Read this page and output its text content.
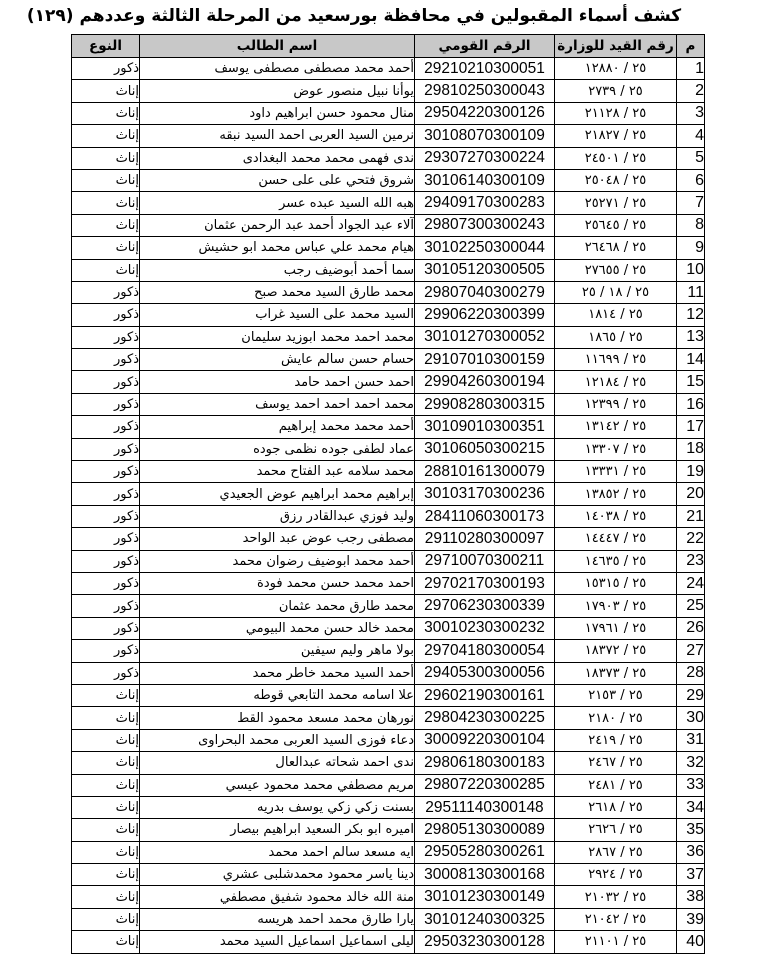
كشف أسماء المقبولين في محافظة بورسعيد من المرحلة الثالثة وعددهم (١٢٩)
م	رقم القيد للوزارة	الرقم القومي	اسم الطالب	النوع
1	٢٥ / ١٢٨٨٠	29210210300051	أحمد محمد مصطفى مصطفى يوسف	ذكور
2	٢٥ / ٢٧٣٩	29810250300043	يوأنا نبيل منصور عوض	إناث
3	٢٥ / ٢١١٢٨	29504220300126	منال محمود حسن ابراهيم داود	إناث
4	٢٥ / ٢١٨٢٧	30108070300109	نرمين السيد العربى احمد السيد نبقه	إناث
5	٢٥ / ٢٤٥٠١	29307270300224	ندى فهمى محمد محمد البغدادى	إناث
6	٢٥ / ٢٥٠٤٨	30106140300109	شروق فتحي على على حسن	إناث
7	٢٥ / ٢٥٢٧١	29409170300283	هبه الله السيد عبده عسر	إناث
8	٢٥ / ٢٥٦٤٥	29807300300243	آلاء عبد الجواد أحمد عبد الرحمن عثمان	إناث
9	٢٥ / ٢٦٤٦٨	30102250300044	هيام محمد علي عباس محمد ابو حشيش	إناث
10	٢٥ / ٢٧٦٥٥	30105120300505	سما أحمد أبوضيف رجب	إناث
11	٢٥ / ١٨ / ٢٥	29807040300279	محمد طارق السيد محمد صبح	ذكور
12	٢٥ / ١٨١٤	29906220300399	السيد محمد على السيد غراب	ذكور
13	٢٥ / ١٨٦٥	30101270300052	محمد احمد محمد ابوزيد سليمان	ذكور
14	٢٥ / ١١٦٩٩	29107010300159	حسام حسن سالم عايش	ذكور
15	٢٥ / ١٢١٨٤	29904260300194	احمد حسن احمد حامد	ذكور
16	٢٥ / ١٢٣٩٩	29908280300315	محمد احمد احمد احمد يوسف	ذكور
17	٢٥ / ١٣١٤٢	30109010300351	أحمد محمد محمد إبراهيم	ذكور
18	٢٥ / ١٣٣٠٧	30106050300215	عماد لطفى جوده نظمى جوده	ذكور
19	٢٥ / ١٣٣٣١	28810161300079	محمد سلامه عبد الفتاح محمد	ذكور
20	٢٥ / ١٣٨٥٢	30103170300236	إبراهيم محمد ابراهيم عوض الجعيدي	ذكور
21	٢٥ / ١٤٠٣٨	28411060300173	وليد فوزي عبدالقادر رزق	ذكور
22	٢٥ / ١٤٤٤٧	29110280300097	مصطفى رجب عوض عبد الواحد	ذكور
23	٢٥ / ١٤٦٣٥	29710070300211	أحمد محمد ابوضيف رضوان محمد	ذكور
24	٢٥ / ١٥٣١٥	29702170300193	احمد محمد حسن محمد فودة	ذكور
25	٢٥ / ١٧٩٠٣	29706230300339	محمد طارق محمد عثمان	ذكور
26	٢٥ / ١٧٩٦١	30010230300232	محمد خالد حسن محمد البيومي	ذكور
27	٢٥ / ١٨٣٧٢	29704180300054	بولا ماهر وليم سيفين	ذكور
28	٢٥ / ١٨٣٧٣	29405300300056	أحمد السيد محمد خاطر محمد	ذكور
29	٢٥ / ٢١٥٣	29602190300161	علا اسامه محمد التابعي قوطه	إناث
30	٢٥ / ٢١٨٠	29804230300225	نورهان محمد مسعد محمود القط	إناث
31	٢٥ / ٢٤١٩	30009220300104	دعاء فوزى السيد العربى محمد البحراوى	إناث
32	٢٥ / ٢٤٦٧	29806180300183	ندى احمد شحاته عبدالعال	إناث
33	٢٥ / ٢٤٨١	29807220300285	مريم مصطفي محمد محمود عيسي	إناث
34	٢٥ / ٢٦١٨	29511140300148	بسنت زكي زكي يوسف بدريه	إناث
35	٢٥ / ٢٦٢٦	29805130300089	اميره ابو بكر السعيد ابراهيم بيصار	إناث
36	٢٥ / ٢٨٦٧	29505280300261	ايه مسعد سالم احمد محمد	إناث
37	٢٥ / ٢٩٢٤	30008130300168	دينا ياسر محمود محمدشلبى عشري	إناث
38	٢٥ / ٢١٠٣٢	30101230300149	منة الله خالد محمود شفيق مصطفي	إناث
39	٢٥ / ٢١٠٤٢	30101240300325	يارا طارق محمد احمد هريسه	إناث
40	٢٥ / ٢١١٠١	29503230300128	ليلى اسماعيل اسماعيل السيد محمد	إناث
